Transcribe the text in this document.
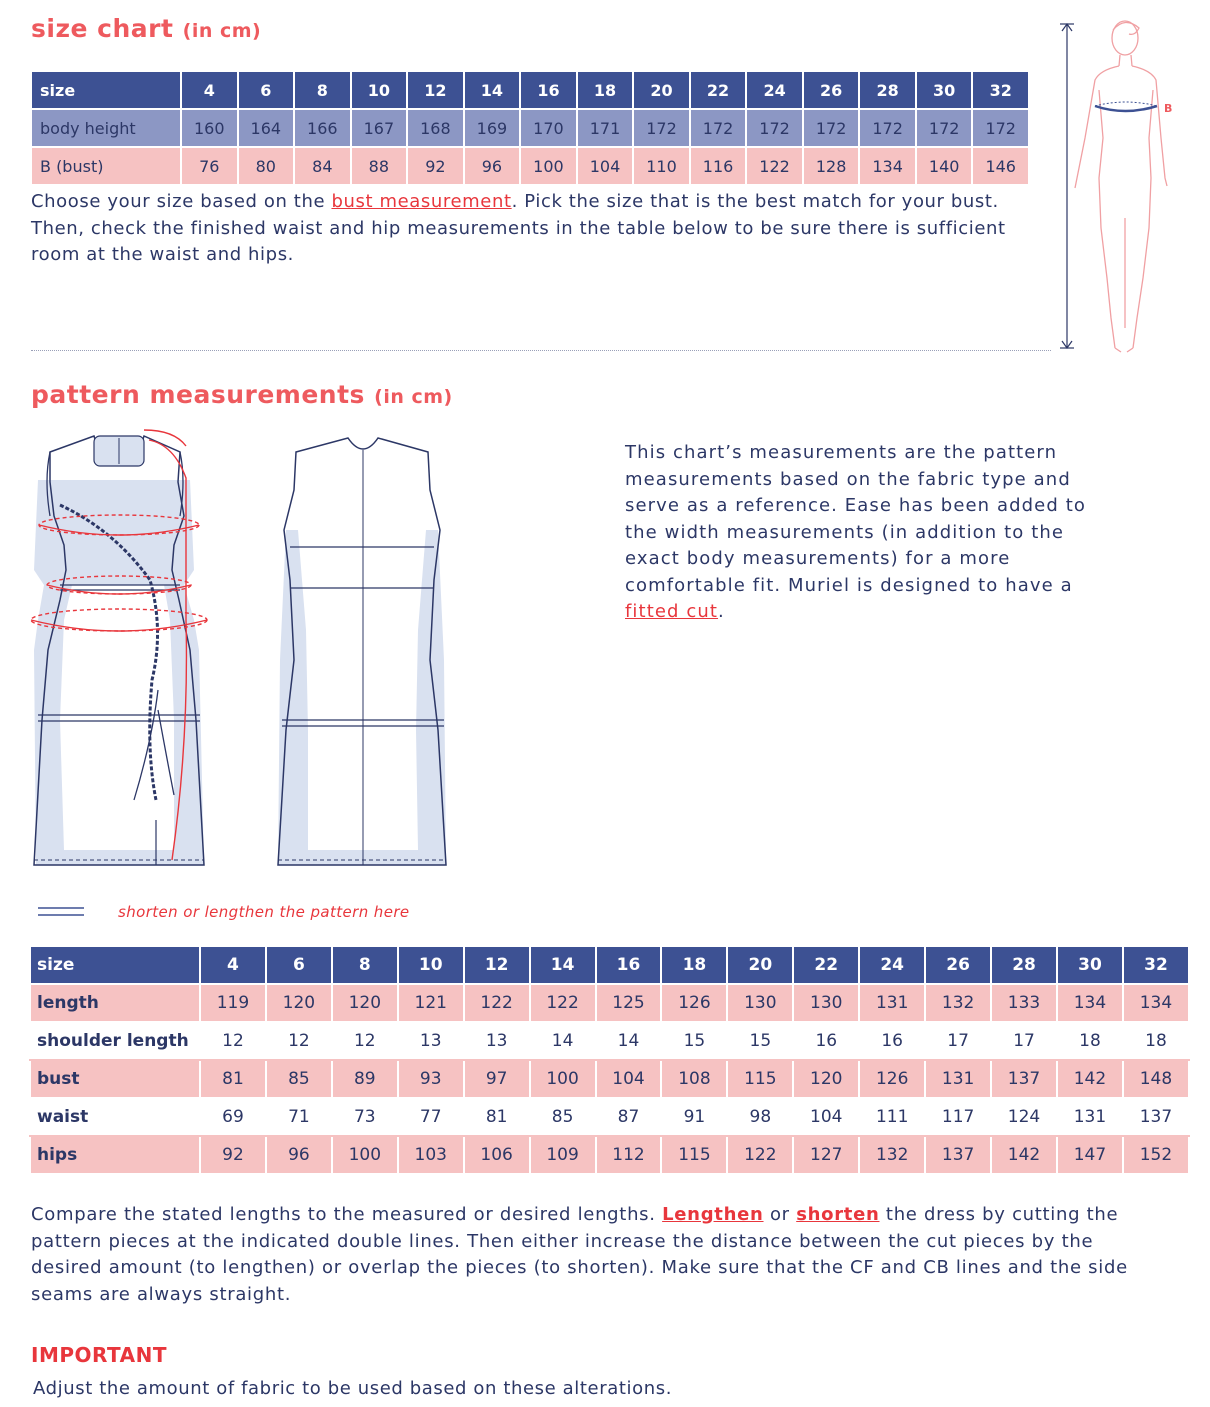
size chart (in cm)
size	4	6	8	10	12	14	16	18	20	22	24	26	28	30	32
body height	160	164	166	167	168	169	170	171	172	172	172	172	172	172	172
B (bust)	76	80	84	88	92	96	100	104	110	116	122	128	134	140	146
Choose your size based on the bust measurement. Pick the size that is the best match for your bust. Then, check the finished waist and hip measurements in the table below to be sure there is sufficient room at the waist and hips.
B
pattern measurements (in cm)
This chart’s measurements are the pattern measurements based on the fabric type and serve as a reference. Ease has been added to the width measurements (in addition to the exact body measurements) for a more comfortable fit. Muriel is designed to have a fitted cut.
shorten or lengthen the pattern here
size	4	6	8	10	12	14	16	18	20	22	24	26	28	30	32
length	119	120	120	121	122	122	125	126	130	130	131	132	133	134	134
shoulder length	12	12	12	13	13	14	14	15	15	16	16	17	17	18	18
bust	81	85	89	93	97	100	104	108	115	120	126	131	137	142	148
waist	69	71	73	77	81	85	87	91	98	104	111	117	124	131	137
hips	92	96	100	103	106	109	112	115	122	127	132	137	142	147	152
Compare the stated lengths to the measured or desired lengths. Lengthen or shorten the dress by cutting the pattern pieces at the indicated double lines. Then either increase the distance between the cut pieces by the desired amount (to lengthen) or overlap the pieces (to shorten). Make sure that the CF and CB lines and the side seams are always straight.
IMPORTANT
Adjust the amount of fabric to be used based on these alterations.
